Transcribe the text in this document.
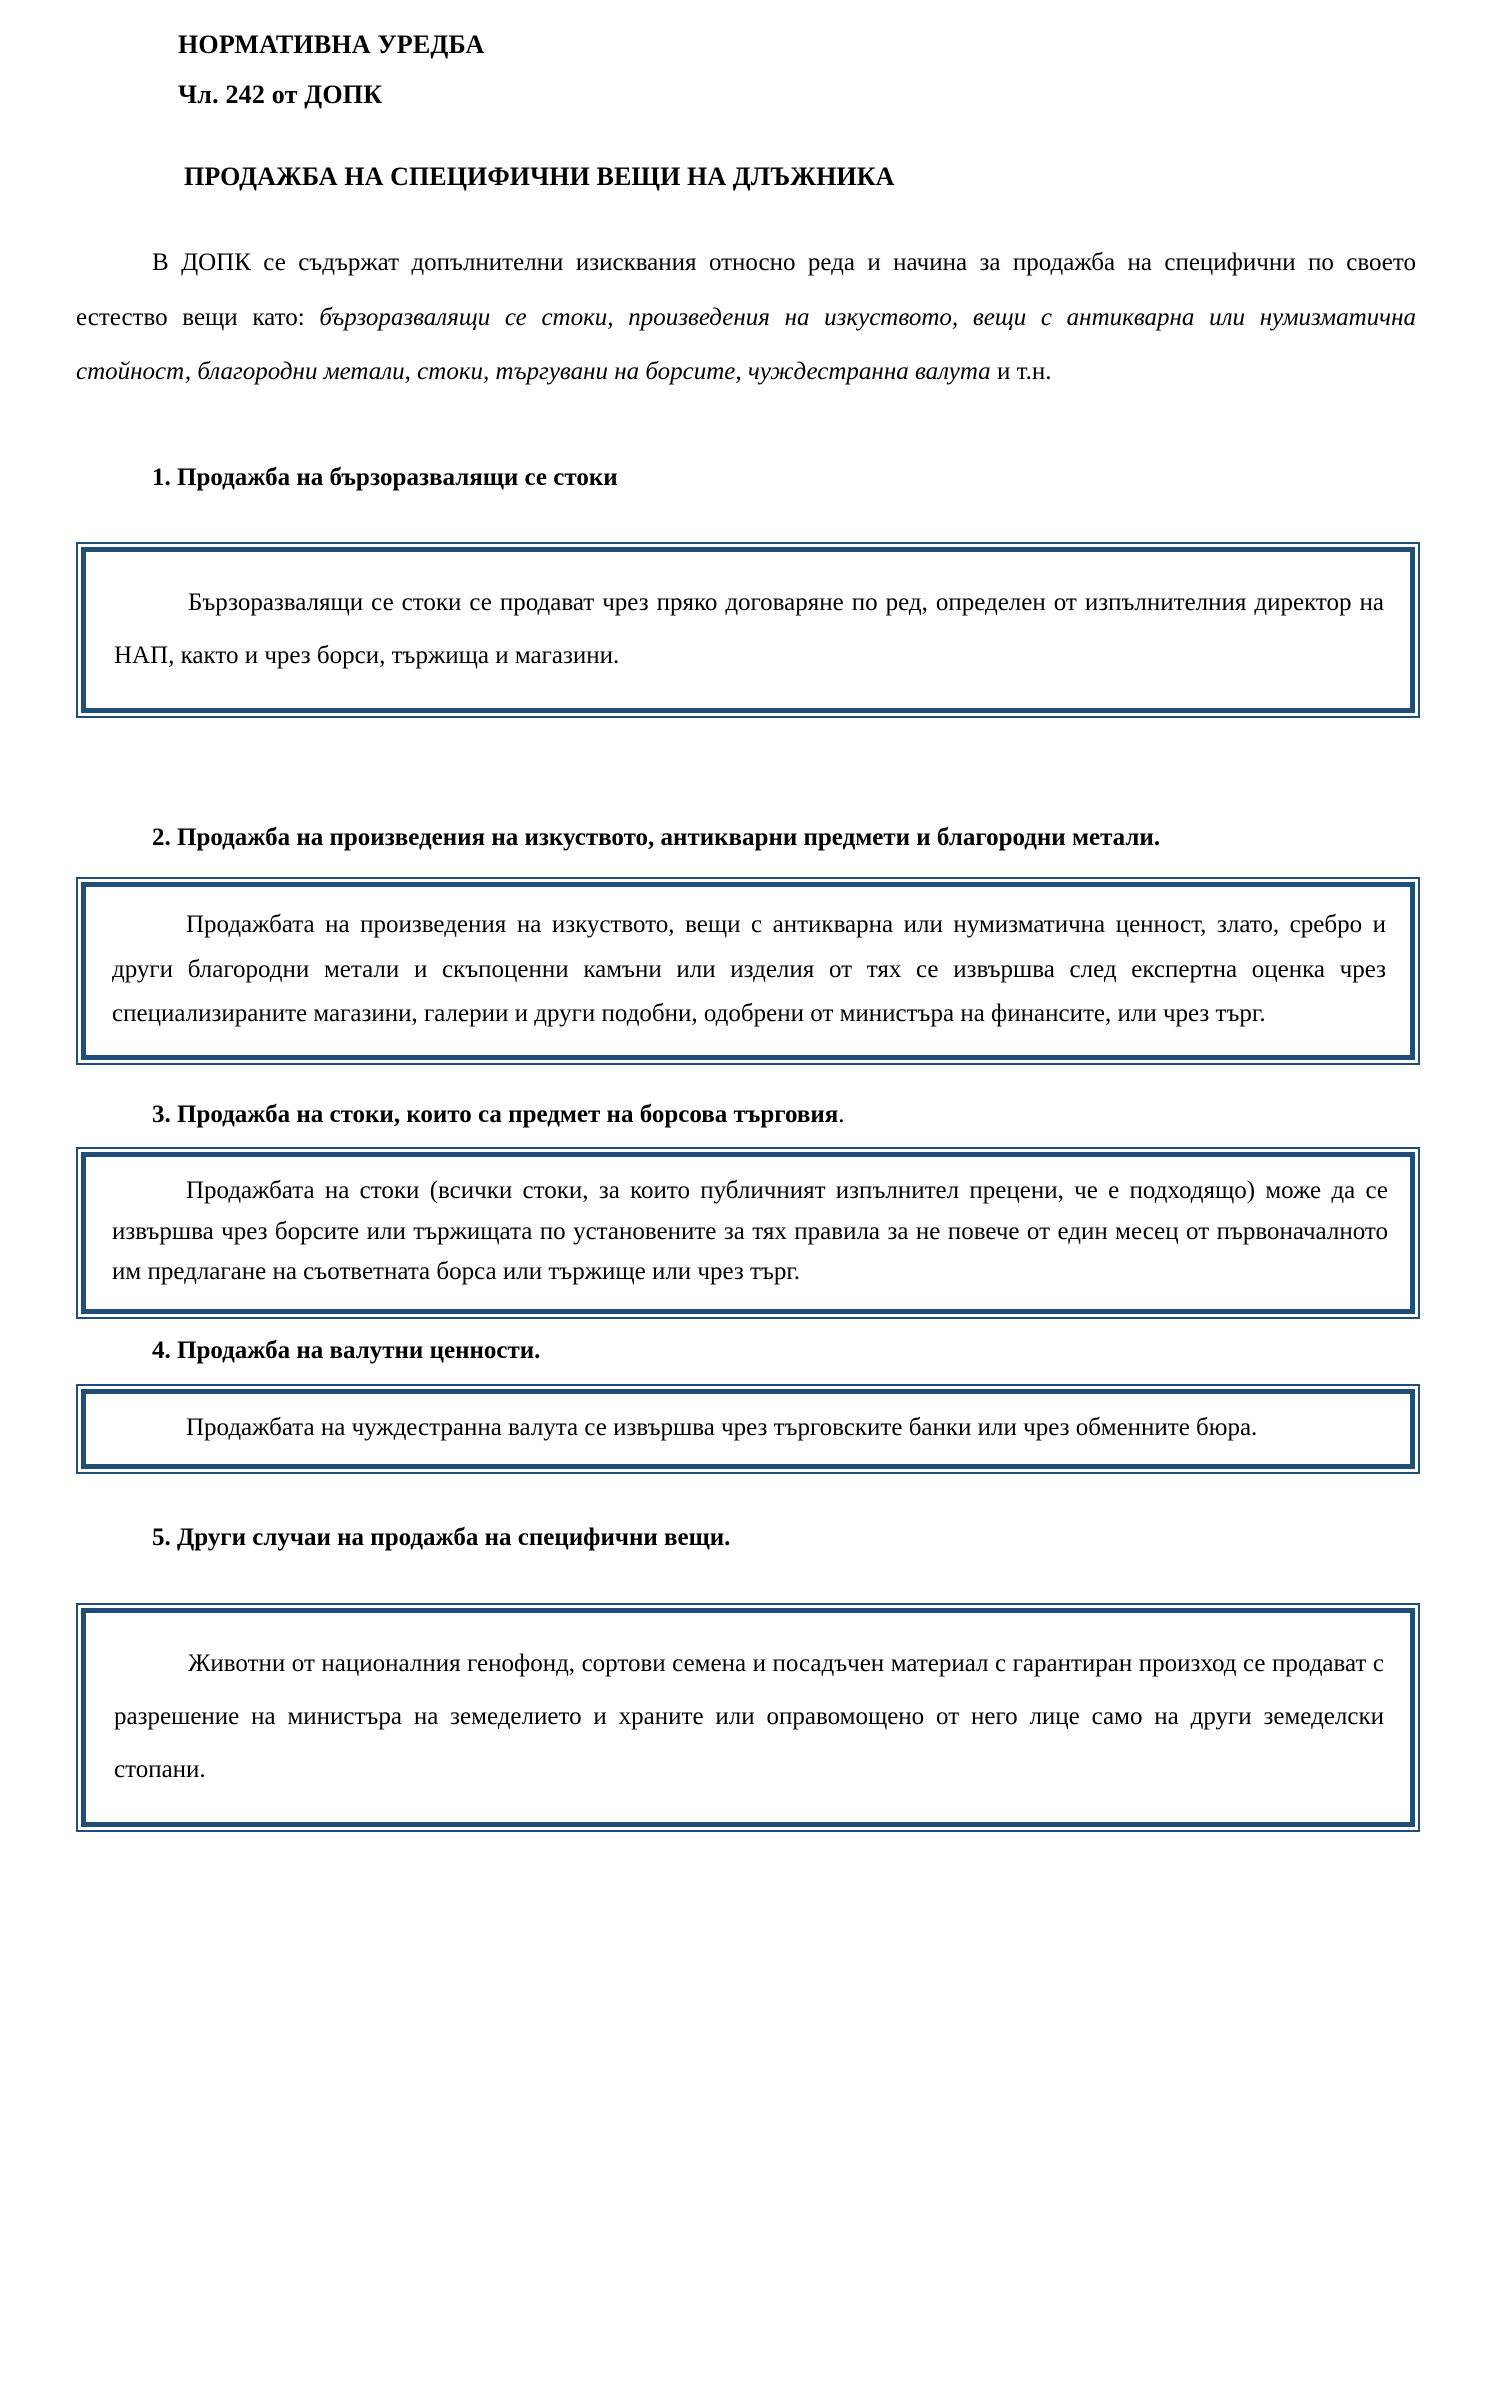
НОРМАТИВНА УРЕДБА
Чл. 242 от ДОПК
ПРОДАЖБА НА СПЕЦИФИЧНИ ВЕЩИ НА ДЛЪЖНИКА

В ДОПК се съдържат допълнителни изисквания относно реда и начина за продажба на специфични по своето естество вещи като: бързоразвалящи се стоки, произведения на изкуството, вещи с антикварна или нумизматична стойност, благородни метали, стоки, търгувани на борсите, чуждестранна валута и т.н.

1. Продажба на бързоразвалящи се стоки
Бързоразвалящи се стоки се продават чрез пряко договаряне по ред, определен от изпълнителния директор на НАП, както и чрез борси, тържища и магазини.
2. Продажба на произведения на изкуството, антикварни предмети и благородни метали.
Продажбата на произведения на изкуството, вещи с антикварна или нумизматична ценност, злато, сребро и други благородни метали и скъпоценни камъни или изделия от тях се извършва след експертна оценка чрез специализираните магазини, галерии и други подобни, одобрени от министъра на финансите, или чрез търг.
3. Продажба на стоки, които са предмет на борсова търговия.
Продажбата на стоки (всички стоки, за които публичният изпълнител прецени, че е подходящо) може да се извършва чрез борсите или тържищата по установените за тях правила за не повече от един месец от първоначалното им предлагане на съответната борса или тържище или чрез търг.
4. Продажба на валутни ценности.
Продажбата на чуждестранна валута се извършва чрез търговските банки или чрез обменните бюра.
5. Други случаи на продажба на специфични вещи.
Животни от националния генофонд, сортови семена и посадъчен материал с гарантиран произход се продават с разрешение на министъра на земеделието и храните или оправомощено от него лице само на други земеделски стопани.
